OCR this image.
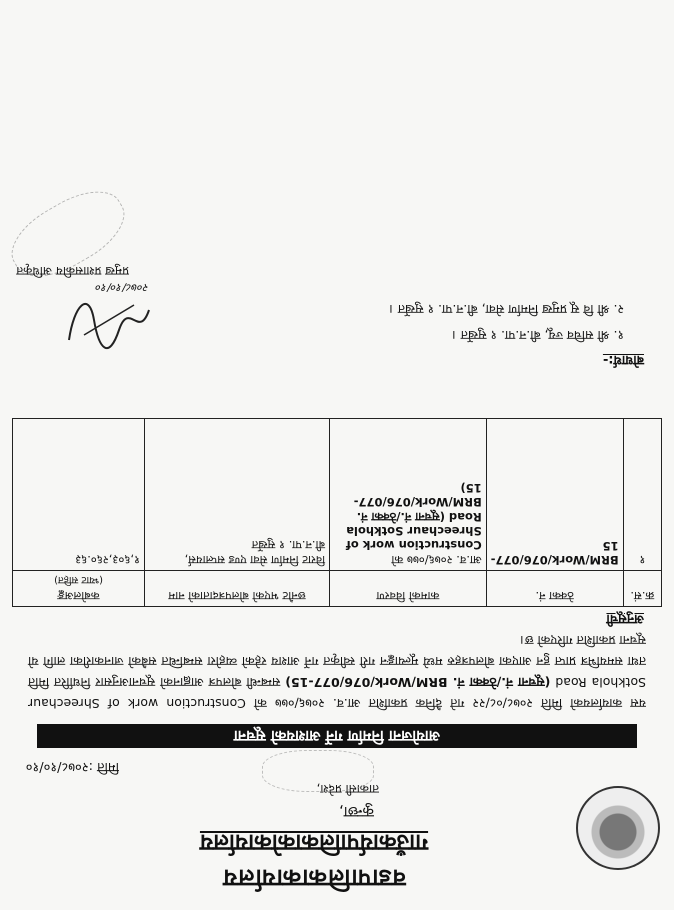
वडापालिकाकार्यालय
गाउँकार्यपालिकाकोकार्यालय
कुन्छा,
ताकासी प्रदेश,
मिति :२०७८/१०/१०
आयोजना निर्माण गर्ने आशयको सूचना
यस कार्यालयको मिति २०७८/०८/२२ गते दैनिक प्रकाशित आ.व. २०७६/०७७ को Construction work of Shreechaur Sotkhola Road (सूचना नं./ठेक्का नं. BRM/Work/076/077-15) सम्बन्धी बोलपत्र आह्वानको सूचनाअनुसार निर्धारित मिति तथा समयभित्र प्राप्त हुन आएका बोलपत्रहरु मध्ये मूल्याङ्कन गरी स्वीकृत गर्ने आशय रहेको व्यहोरा सम्बन्धित सबैको जानकारीका लागि यो सूचना प्रकाशित गरिएको छ।
अनुसूची
क्र.सं.	ठेक्का नं.	कामको विवरण	छनौट भएको बोलपत्रदाताको नाम	कबोलअङ्क
(भ्याट सहित)
१	BRM/Work/076/077-15	आ.व. २०७६/०७७ को
Construction work of Shreechaur Sotkhola Road (सूचना नं./ठेक्का नं. BRM/Work/076/077-15)	विराट निर्माण सेवा एण्ड सप्लायर्स, बी.न.पा. १ सुर्खेत	१,६०३,२६०.६३
बोधार्थ:-
१. श्री सचिव ज्यू, बी.न.पा. १ सुर्खेत ।
२. श्री वि सू प्रमुख निर्माण सेवा, बी.न.पा. १ सुर्खेत ।
२०७८/१०/१०
प्रमुख प्रशासकीय अधिकृत
